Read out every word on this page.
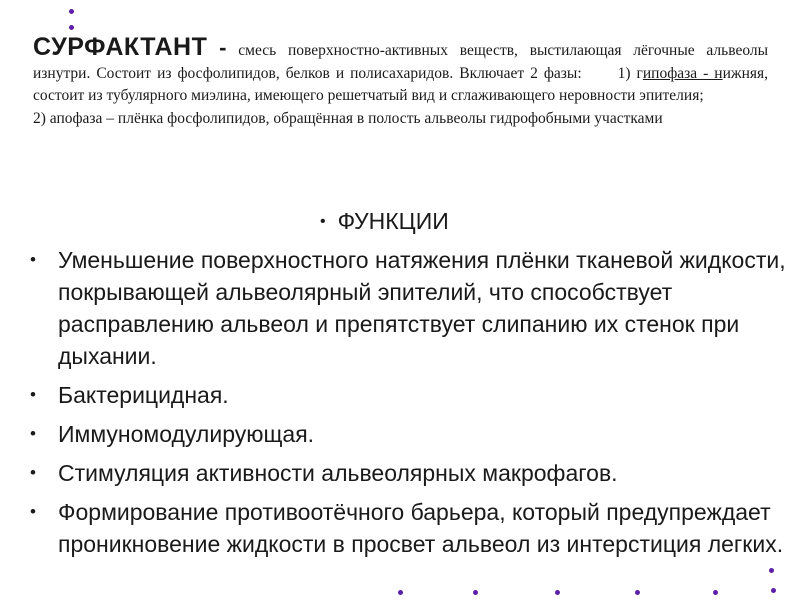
СУРФАКТАНТ - смесь поверхностно-активных веществ, выстилающая лёгочные альвеолы изнутри. Состоит из фосфолипидов, белков и полисахаридов. Включает 2 фазы: 1) гипофаза - нижняя, состоит из тубулярного миэлина, имеющего решетчатый вид и сглаживающего неровности эпителия;
2) апофаза – плёнка фосфолипидов, обращённая в полость альвеолы гидрофобными участками
• ФУНКЦИИ
• Уменьшение поверхностного натяжения плёнки тканевой жидкости, покрывающей альвеолярный эпителий, что способствует расправлению альвеол и препятствует слипанию их стенок при дыхании.
• Бактерицидная.
• Иммуномодулирующая.
• Стимуляция активности альвеолярных макрофагов.
• Формирование противоотёчного барьера, который предупреждает проникновение жидкости в просвет альвеол из интерстиция легких.
